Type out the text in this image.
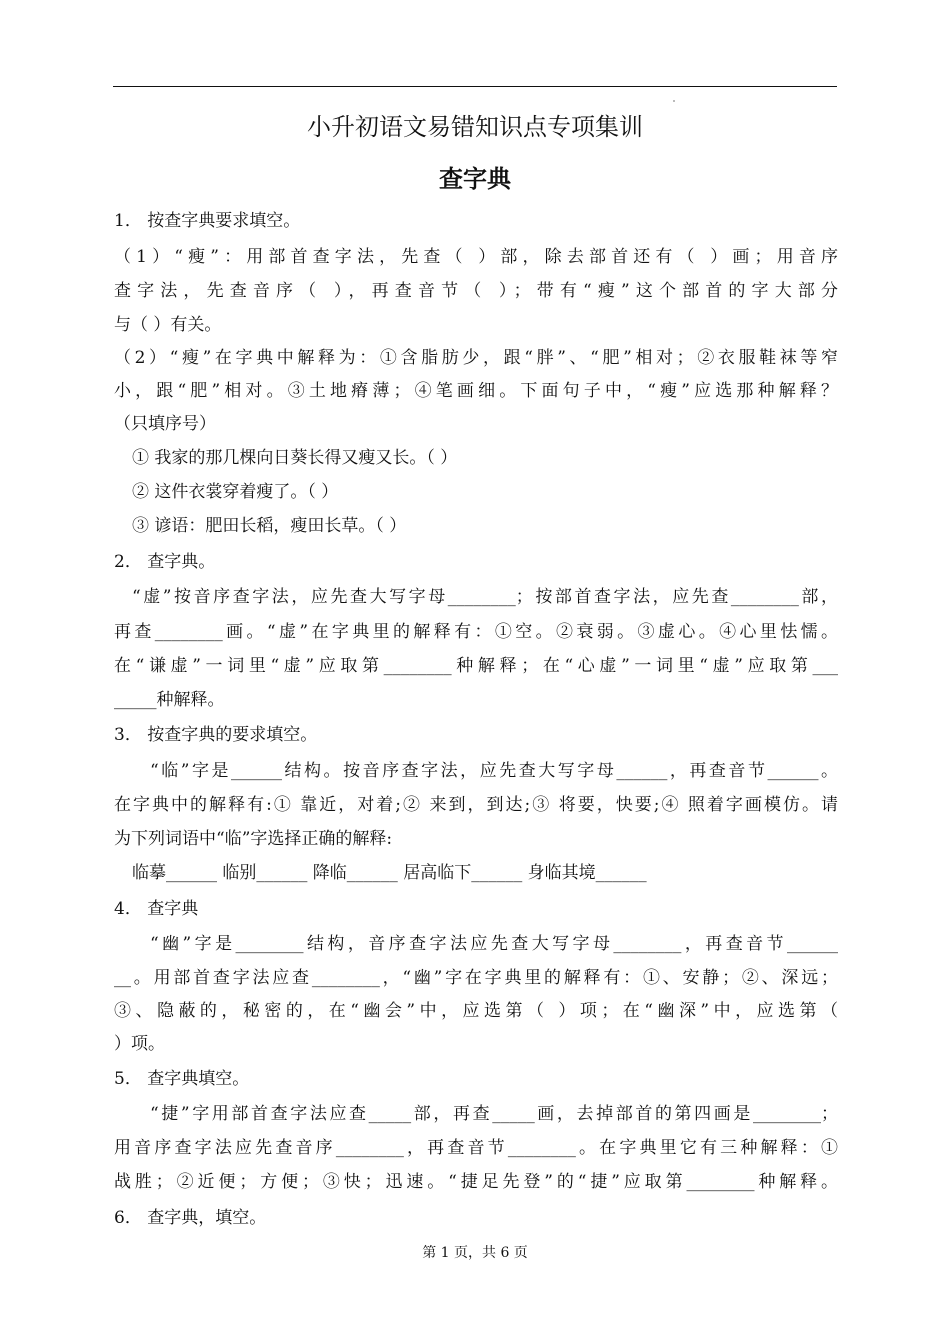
小升初语文易错知识点专项集训
查字典
1． 按查字典要求填空。
（1）“瘦”：用部首查字法，先查（ ）部，除去部首还有（ ）画；用音序
查字法，先查音序（ ），再查音节（ ）；带有“瘦”这个部首的字大部分
与（ ）有关。
（2）“瘦”在字典中解释为：①含脂肪少，跟“胖”、“肥”相对；②衣服鞋袜等窄
小，跟“肥”相对。③土地瘠薄；④笔画细。下面句子中，“瘦”应选那种解释？
（只填序号）
① 我家的那几棵向日葵长得又瘦又长。（ ）
② 这件衣裳穿着瘦了。（ ）
③ 谚语：肥田长稻，瘦田长草。（ ）
2． 查字典。
“虚”按音序查字法，应先查大写字母________；按部首查字法，应先查________部，
再查________画。“虚”在字典里的解释有：①空。②衰弱。③虚心。④心里怯懦。
在“谦虚”一词里“虚”应取第________种解释；在“心虚”一词里“虚”应取第___
_____种解释。
3． 按查字典的要求填空。
“临”字是______结构。按音序查字法，应先查大写字母______，再查音节______。
在字典中的解释有:① 靠近，对着;② 来到，到达;③ 将要，快要;④ 照着字画模仿。请
为下列词语中“临”字选择正确的解释:
临摹______ 临别______ 降临______ 居高临下______ 身临其境______
4． 查字典
“幽”字是________结构，音序查字法应先查大写字母________，再查音节______
__。用部首查字法应查________，“幽”字在字典里的解释有：①、安静；②、深远；
③、隐蔽的，秘密的，在“幽会”中，应选第（ ）项；在“幽深”中，应选第（
）项。
5． 查字典填空。
“捷”字用部首查字法应查_____部，再查_____画，去掉部首的第四画是________；
用音序查字法应先查音序________，再查音节________。在字典里它有三种解释：①
战胜；②近便；方便；③快；迅速。“捷足先登”的“捷”应取第________种解释。
6． 查字典，填空。
第 1 页，共 6 页
